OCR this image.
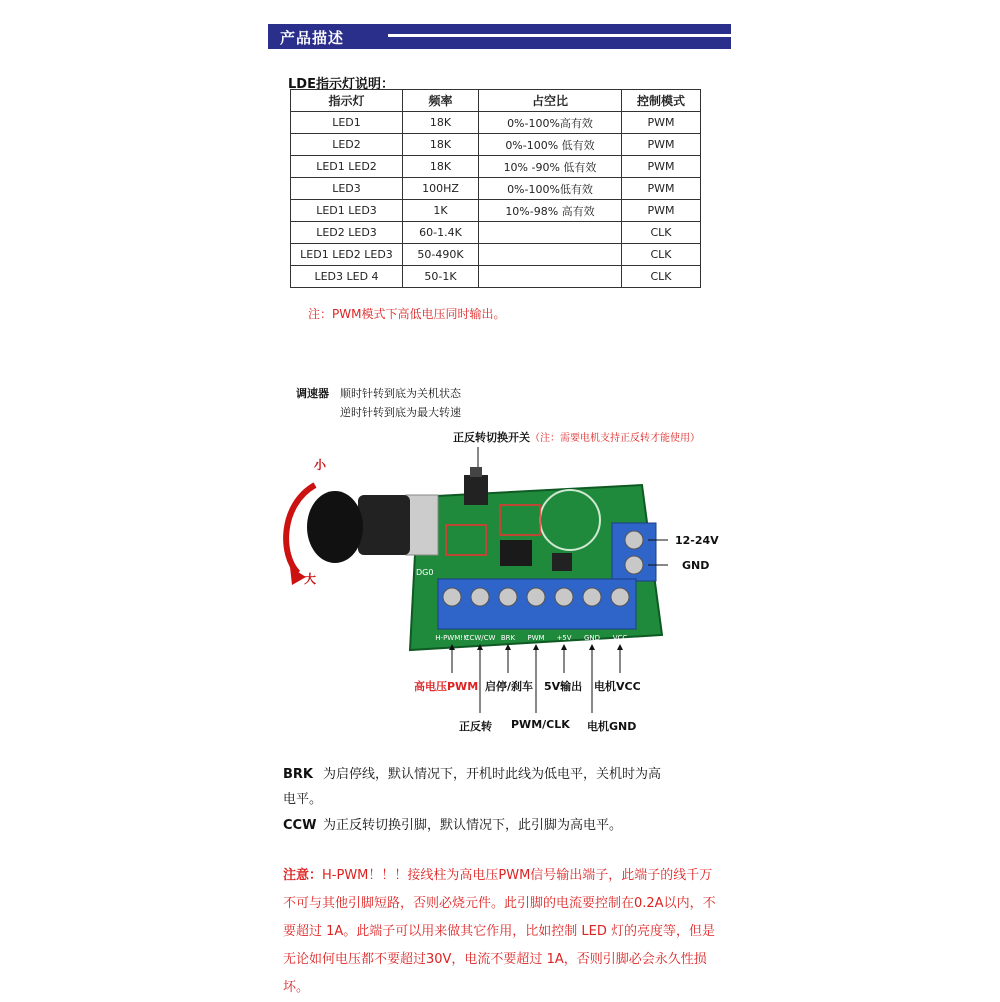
产品描述
LDE指示灯说明：
指示灯	频率	占空比	控制模式
LED1	18K	0%-100%高有效	PWM
LED2	18K	0%-100% 低有效	PWM
LED1 LED2	18K	10% -90% 低有效	PWM
LED3	100HZ	0%-100%低有效	PWM
LED1 LED3	1K	10%-98% 高有效	PWM
LED2 LED3	60-1.4K		CLK
LED1 LED2 LED3	50-490K		CLK
LED3 LED 4	50-1K		CLK
注：PWM模式下高低电压同时输出。
调速器 顺时针转到底为关机状态
逆时针转到底为最大转速
正反转切换开关（注：需要电机支持正反转才能使用）
小
大	DG0
JS02-V1.9
12-24V
GND
H-PWM!!!
CCW/CW BRK PWM +5V GND VCC
高电压PWM 启停/刹车 5V输出 电机VCC
正反转 PWM/CLK 电机GND
BRK 为启停线，默认情况下，开机时此线为低电平，关机时为高
电平。
CCW 为正反转切换引脚，默认情况下，此引脚为高电平。
注意：H-PWM！！！接线柱为高电压PWM信号输出端子，此端子的线千万不可与其他引脚短路，否则必烧元件。此引脚的电流要控制在0.2A以内，不要超过 1A。此端子可以用来做其它作用，比如控制 LED 灯的亮度等，但是无论如何电压都不要超过30V，电流不要超过 1A，否则引脚必会永久性损坏。
